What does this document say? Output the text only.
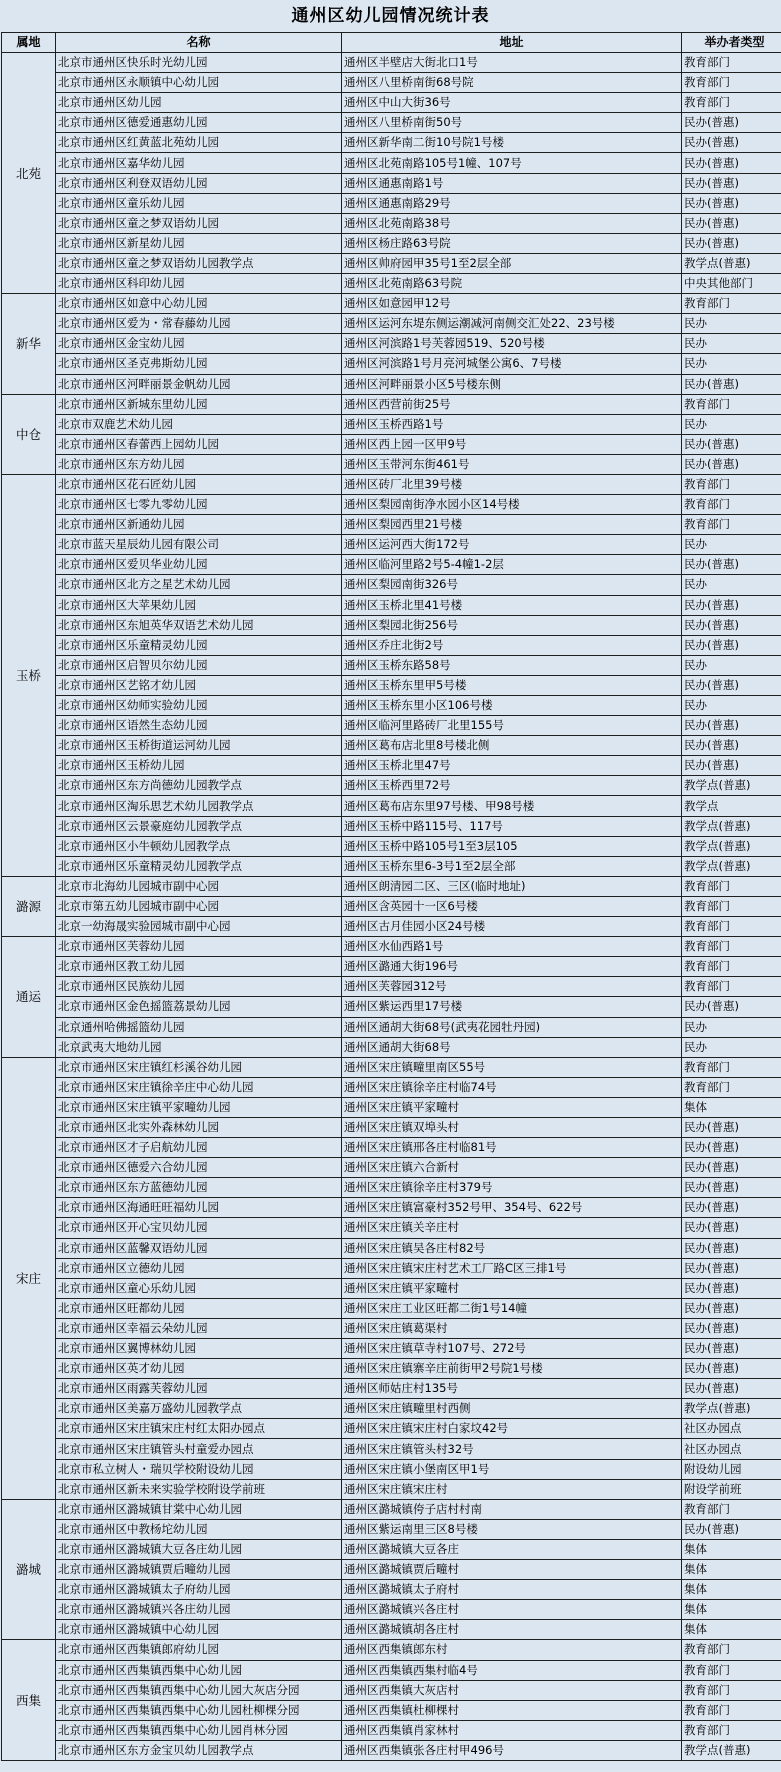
通州区幼儿园情况统计表
属地	名称	地址	举办者类型
北苑	北京市通州区快乐时光幼儿园	通州区半壁店大街北口1号	教育部门
	北京市通州区永顺镇中心幼儿园	通州区八里桥南街68号院	教育部门
	北京市通州区幼儿园	通州区中山大街36号	教育部门
	北京市通州区德爱通惠幼儿园	通州区八里桥南街50号	民办(普惠)
	北京市通州区红黄蓝北苑幼儿园	通州区新华南二街10号院1号楼	民办(普惠)
	北京市通州区嘉华幼儿园	通州区北苑南路105号1幢、107号	民办(普惠)
	北京市通州区利登双语幼儿园	通州区通惠南路1号	民办(普惠)
	北京市通州区童乐幼儿园	通州区通惠南路29号	民办(普惠)
	北京市通州区童之梦双语幼儿园	通州区北苑南路38号	民办(普惠)
	北京市通州区新星幼儿园	通州区杨庄路63号院	民办(普惠)
	北京市通州区童之梦双语幼儿园教学点	通州区帅府园甲35号1至2层全部	教学点(普惠)
	北京市通州区科印幼儿园	通州区北苑南路63号院	中央其他部门
新华	北京市通州区如意中心幼儿园	通州区如意园甲12号	教育部门
	北京市通州区爱为・常春藤幼儿园	通州区运河东堤东侧运潮减河南侧交汇处22、23号楼	民办
	北京市通州区金宝幼儿园	通州区河滨路1号芙蓉园519、520号楼	民办
	北京市通州区圣克弗斯幼儿园	通州区河滨路1号月亮河城堡公寓6、7号楼	民办
	北京市通州区河畔丽景金帆幼儿园	通州区河畔丽景小区5号楼东侧	民办(普惠)
中仓	北京市通州区新城东里幼儿园	通州区西营前街25号	教育部门
	北京市双鹿艺术幼儿园	通州区玉桥西路1号	民办
	北京市通州区春蕾西上园幼儿园	通州区西上园一区甲9号	民办(普惠)
	北京市通州区东方幼儿园	通州区玉带河东街461号	民办(普惠)
玉桥	北京市通州区花石匠幼儿园	通州区砖厂北里39号楼	教育部门
	北京市通州区七零九零幼儿园	通州区梨园南街净水园小区14号楼	教育部门
	北京市通州区新通幼儿园	通州区梨园西里21号楼	教育部门
	北京市蓝天星辰幼儿园有限公司	通州区运河西大街172号	民办
	北京市通州区爱贝华业幼儿园	通州区临河里路2号5-4幢1-2层	民办(普惠)
	北京市通州区北方之星艺术幼儿园	通州区梨园南街326号	民办
	北京市通州区大苹果幼儿园	通州区玉桥北里41号楼	民办(普惠)
	北京市通州区东旭英华双语艺术幼儿园	通州区梨园北街256号	民办(普惠)
	北京市通州区乐童精灵幼儿园	通州区乔庄北街2号	民办(普惠)
	北京市通州区启智贝尔幼儿园	通州区玉桥东路58号	民办
	北京市通州区艺铭才幼儿园	通州区玉桥东里甲5号楼	民办(普惠)
	北京市通州区幼师实验幼儿园	通州区玉桥东里小区106号楼	民办
	北京市通州区语然生态幼儿园	通州区临河里路砖厂北里155号	民办(普惠)
	北京市通州区玉桥街道运河幼儿园	通州区葛布店北里8号楼北侧	民办(普惠)
	北京市通州区玉桥幼儿园	通州区玉桥北里47号	民办(普惠)
	北京市通州区东方尚德幼儿园教学点	通州区玉桥西里72号	教学点(普惠)
	北京市通州区淘乐思艺术幼儿园教学点	通州区葛布店东里97号楼、甲98号楼	教学点
	北京市通州区云景豪庭幼儿园教学点	通州区玉桥中路115号、117号	教学点(普惠)
	北京市通州区小牛顿幼儿园教学点	通州区玉桥中路105号1至3层105	教学点(普惠)
	北京市通州区乐童精灵幼儿园教学点	通州区玉桥东里6-3号1至2层全部	教学点(普惠)
潞源	北京市北海幼儿园城市副中心园	通州区朗清园二区、三区(临时地址)	教育部门
	北京市第五幼儿园城市副中心园	通州区含英园十一区6号楼	教育部门
	北京一幼海晟实验园城市副中心园	通州区古月佳园小区24号楼	教育部门
通运	北京市通州区芙蓉幼儿园	通州区水仙西路1号	教育部门
	北京市通州区教工幼儿园	通州区潞通大街196号	教育部门
	北京市通州区民族幼儿园	通州区芙蓉园312号	教育部门
	北京市通州区金色摇篮荔景幼儿园	通州区紫运西里17号楼	民办(普惠)
	北京通州哈佛摇篮幼儿园	通州区通胡大街68号(武夷花园牡丹园)	民办
	北京武夷大地幼儿园	通州区通胡大街68号	民办
宋庄	北京市通州区宋庄镇红杉溪谷幼儿园	通州区宋庄镇疃里南区55号	教育部门
	北京市通州区宋庄镇徐辛庄中心幼儿园	通州区宋庄镇徐辛庄村临74号	教育部门
	北京市通州区宋庄镇平家疃幼儿园	通州区宋庄镇平家疃村	集体
	北京市通州区北实外森林幼儿园	通州区宋庄镇双埠头村	民办(普惠)
	北京市通州区才子启航幼儿园	通州区宋庄镇邢各庄村临81号	民办(普惠)
	北京市通州区德爱六合幼儿园	通州区宋庄镇六合新村	民办(普惠)
	北京市通州区东方蓝德幼儿园	通州区宋庄镇徐辛庄村379号	民办(普惠)
	北京市通州区海通旺旺福幼儿园	通州区宋庄镇富豪村352号甲、354号、622号	民办(普惠)
	北京市通州区开心宝贝幼儿园	通州区宋庄镇关辛庄村	民办(普惠)
	北京市通州区蓝馨双语幼儿园	通州区宋庄镇吴各庄村82号	民办(普惠)
	北京市通州区立德幼儿园	通州区宋庄镇宋庄村艺术工厂路C区三排1号	民办(普惠)
	北京市通州区童心乐幼儿园	通州区宋庄镇平家疃村	民办(普惠)
	北京市通州区旺都幼儿园	通州区宋庄工业区旺都二街1号14幢	民办(普惠)
	北京市通州区幸福云朵幼儿园	通州区宋庄镇葛渠村	民办(普惠)
	北京市通州区翼博林幼儿园	通州区宋庄镇草寺村107号、272号	民办(普惠)
	北京市通州区英才幼儿园	通州区宋庄镇寨辛庄前街甲2号院1号楼	民办(普惠)
	北京市通州区雨露芙蓉幼儿园	通州区师姑庄村135号	民办(普惠)
	北京市通州区美嘉万盛幼儿园教学点	通州区宋庄镇疃里村西侧	教学点(普惠)
	北京市通州区宋庄镇宋庄村红太阳办园点	通州区宋庄镇宋庄村白家坟42号	社区办园点
	北京市通州区宋庄镇管头村童爱办园点	通州区宋庄镇管头村32号	社区办园点
	北京市私立树人・瑞贝学校附设幼儿园	通州区宋庄镇小堡南区甲1号	附设幼儿园
	北京市通州区新未来实验学校附设学前班	通州区宋庄镇宋庄村	附设学前班
潞城	北京市通州区潞城镇甘棠中心幼儿园	通州区潞城镇侉子店村村南	教育部门
	北京市通州区中教杨坨幼儿园	通州区紫运南里三区8号楼	民办(普惠)
	北京市通州区潞城镇大豆各庄幼儿园	通州区潞城镇大豆各庄	集体
	北京市通州区潞城镇贾后疃幼儿园	通州区潞城镇贾后疃村	集体
	北京市通州区潞城镇太子府幼儿园	通州区潞城镇太子府村	集体
	北京市通州区潞城镇兴各庄幼儿园	通州区潞城镇兴各庄村	集体
	北京市通州区潞城镇中心幼儿园	通州区潞城镇胡各庄村	集体
西集	北京市通州区西集镇郎府幼儿园	通州区西集镇郎东村	教育部门
	北京市通州区西集镇西集中心幼儿园	通州区西集镇西集村临4号	教育部门
	北京市通州区西集镇西集中心幼儿园大灰店分园	通州区西集镇大灰店村	教育部门
	北京市通州区西集镇西集中心幼儿园杜柳棵分园	通州区西集镇杜柳棵村	教育部门
	北京市通州区西集镇西集中心幼儿园肖林分园	通州区西集镇肖家林村	教育部门
	北京市通州区东方金宝贝幼儿园教学点	通州区西集镇张各庄村甲496号	教学点(普惠)
